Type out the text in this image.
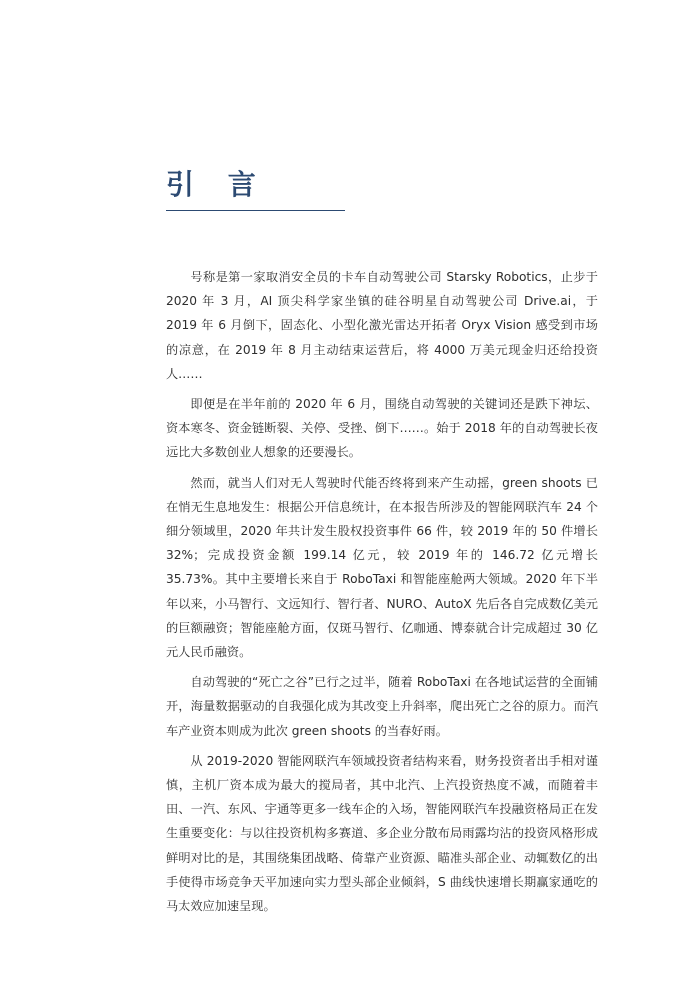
引 言

号称是第一家取消安全员的卡车自动驾驶公司 Starsky Robotics，止步于 2020 年 3 月，AI 顶尖科学家坐镇的硅谷明星自动驾驶公司 Drive.ai，于 2019 年 6 月倒下，固态化、小型化激光雷达开拓者 Oryx Vision 感受到市场的凉意，在 2019 年 8 月主动结束运营后，将 4000 万美元现金归还给投资人……

即便是在半年前的 2020 年 6 月，围绕自动驾驶的关键词还是跌下神坛、资本寒冬、资金链断裂、关停、受挫、倒下……。始于 2018 年的自动驾驶长夜远比大多数创业人想象的还要漫长。

然而，就当人们对无人驾驶时代能否终将到来产生动摇，green shoots 已在悄无生息地发生：根据公开信息统计，在本报告所涉及的智能网联汽车 24 个细分领域里，2020 年共计发生股权投资事件 66 件，较 2019 年的 50 件增长 32%；完成投资金额 199.14 亿元，较 2019 年的 146.72 亿元增长 35.73%。其中主要增长来自于 RoboTaxi 和智能座舱两大领域。2020 年下半年以来，小马智行、文远知行、智行者、NURO、AutoX 先后各自完成数亿美元的巨额融资；智能座舱方面，仅斑马智行、亿咖通、博泰就合计完成超过 30 亿元人民币融资。

自动驾驶的“死亡之谷”已行之过半，随着 RoboTaxi 在各地试运营的全面铺开，海量数据驱动的自我强化成为其改变上升斜率，爬出死亡之谷的原力。而汽车产业资本则成为此次 green shoots 的当春好雨。

从 2019-2020 智能网联汽车领域投资者结构来看，财务投资者出手相对谨慎，主机厂资本成为最大的搅局者，其中北汽、上汽投资热度不减，而随着丰田、一汽、东风、宇通等更多一线车企的入场，智能网联汽车投融资格局正在发生重要变化：与以往投资机构多赛道、多企业分散布局雨露均沾的投资风格形成鲜明对比的是，其围绕集团战略、倚靠产业资源、瞄准头部企业、动辄数亿的出手使得市场竞争天平加速向实力型头部企业倾斜，S 曲线快速增长期赢家通吃的马太效应加速呈现。
